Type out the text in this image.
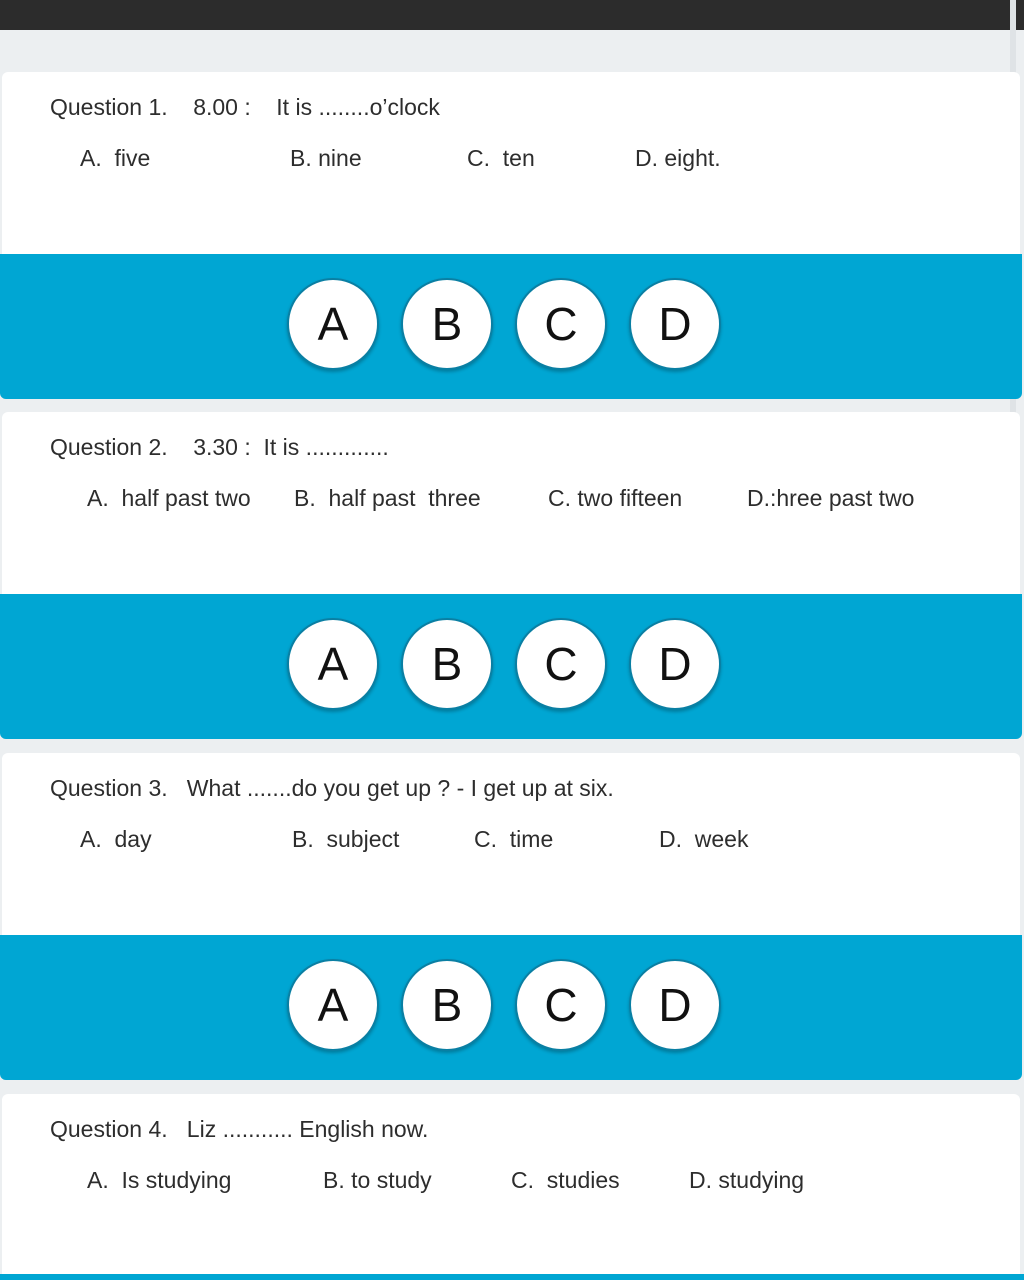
Question 1.    8.00 :    It is ........o’clock
A.  five	B. nine	C.  ten	D. eight.
A	B	C	D
Question 2.    3.30 :  It is .............
A.  half past two B.  half past  three	C. two fifteen	D.:hree past two
A	B	C	D
Question 3.   What .......do you get up ? - I get up at six.
A.  day	B.  subject	C.  time	D.  week
A	B	C	D
Question 4.   Liz ........... English now.
A.  Is studying	B. to study	C.  studies	D. studying
